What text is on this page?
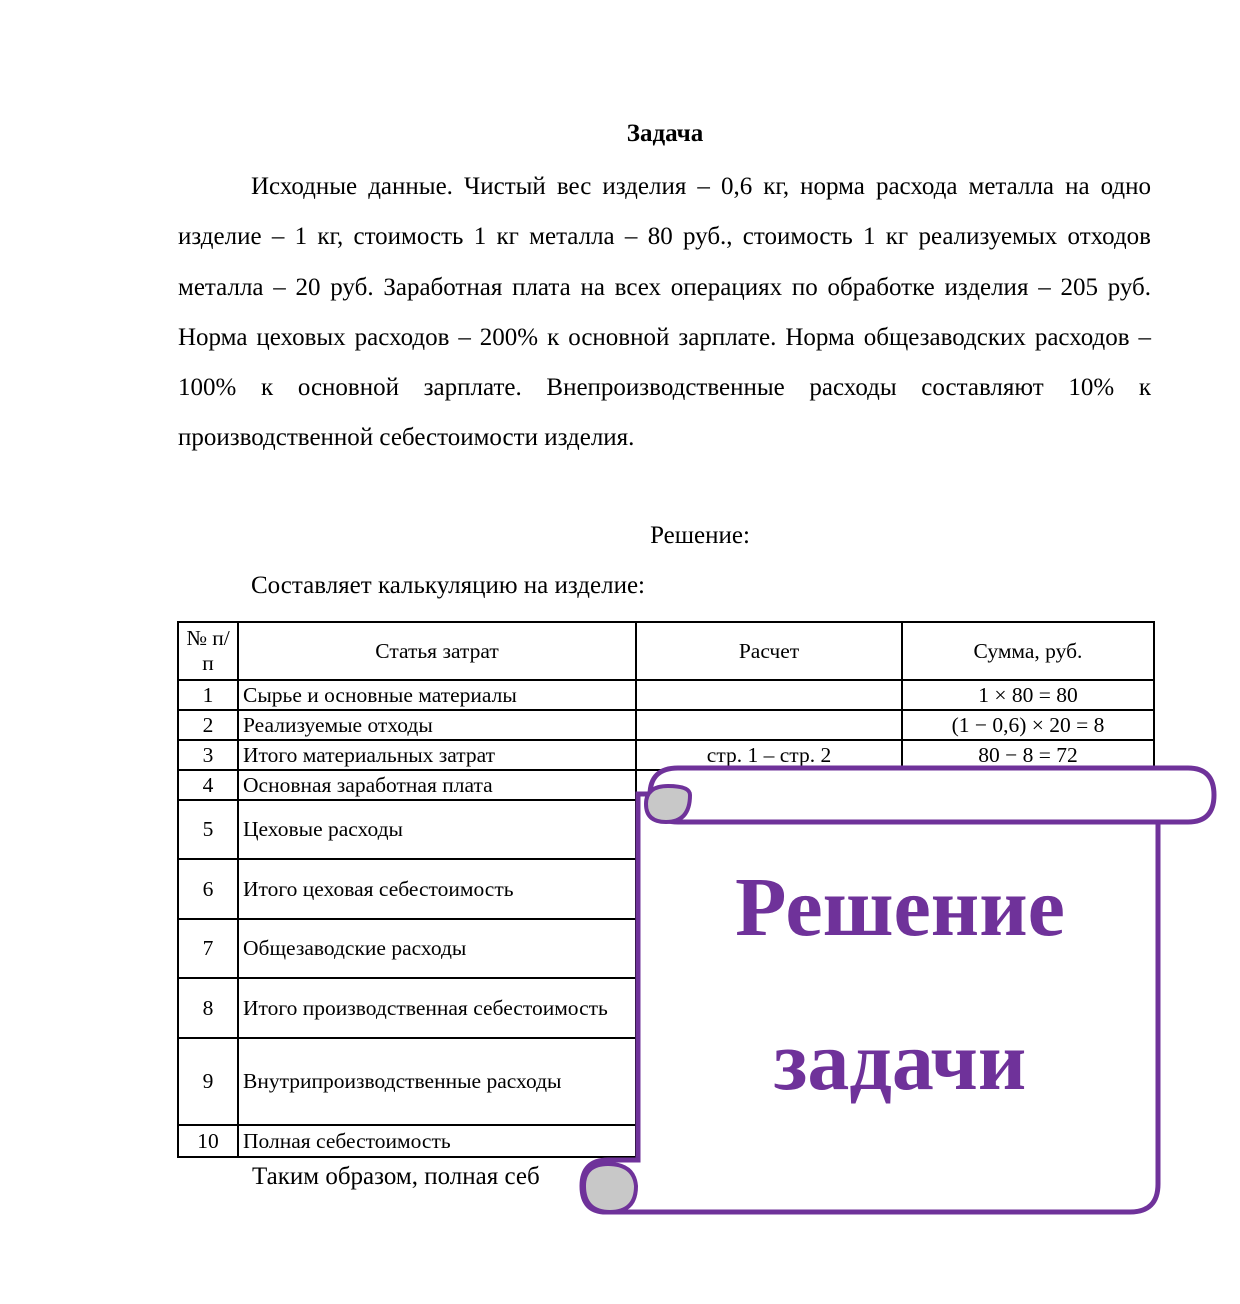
Задача

Исходные данные. Чистый вес изделия – 0,6 кг, норма расхода металла на одно изделие – 1 кг, стоимость 1 кг металла – 80 руб., стоимость 1 кг реализуемых отходов металла – 20 руб. Заработная плата на всех операциях по обработке изделия – 205 руб. Норма цеховых расходов – 200% к основной зарплате. Норма общезаводских расходов – 100% к основной зарплате. Внепроизводственные расходы составляют 10% к производственной себестоимости изделия.

Решение:
Составляет калькуляцию на изделие:
№ п/п	Статья затрат	Расчет	Сумма, руб.
1	Сырье и основные материалы		1 × 80 = 80
2	Реализуемые отходы		(1 − 0,6) × 20 = 8
3	Итого материальных затрат	стр. 1 – стр. 2	80 − 8 = 72
4	Основная заработная плата		
5	Цеховые расходы		
6	Итого цеховая себестоимость		
7	Общезаводские расходы		
8	Итого производственная себестоимость		
9	Внутрипроизводственные расходы		
10	Полная себестоимость		
Таким образом, полная себ
Решение
задачи
